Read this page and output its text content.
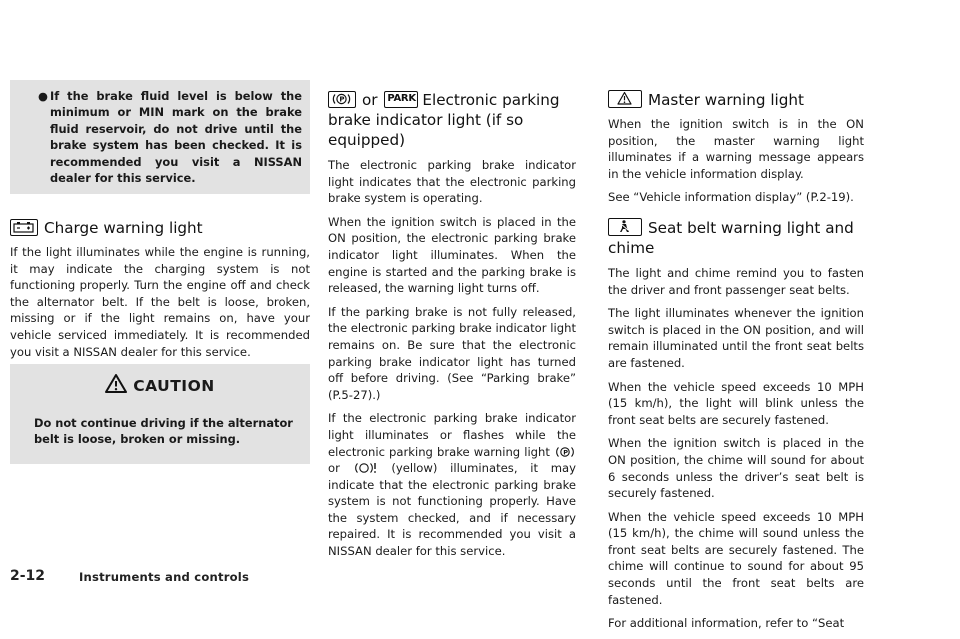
● If the brake fluid level is below the minimum or MIN mark on the brake fluid reservoir, do not drive until the brake system has been checked. It is recommended you visit a NISSAN dealer for this service.
Charge warning light
If the light illuminates while the engine is running, it may indicate the charging system is not functioning properly. Turn the engine off and check the alternator belt. If the belt is loose, broken, missing or if the light remains on, have your vehicle serviced immediately. It is recommended you visit a NISSAN dealer for this service.
CAUTION
Do not continue driving if the alternator belt is loose, broken or missing.
P or PARK Electronic parking brake indicator light (if so equipped)
The electronic parking brake indicator light indicates that the electronic parking brake system is operating.
When the ignition switch is placed in the ON position, the electronic parking brake indicator light illuminates. When the engine is started and the parking brake is released, the warning light turns off.
If the parking brake is not fully released, the electronic parking brake indicator light remains on. Be sure that the electronic parking brake indicator light has turned off before driving. (See “Parking brake” (P.5-27).)
If the electronic parking brake indicator light illuminates or flashes while the electronic parking brake warning light P
or	(yellow) illuminates, it may indicate that the electronic parking brake system is not functioning properly. Have the system checked, and if necessary repaired. It is recommended you visit a NISSAN dealer for this service.
Master warning light
When the ignition switch is in the ON position, the master warning light illuminates if a warning message appears in the vehicle information display.
See “Vehicle information display” (P.2-19).
Seat belt warning light and chime
The light and chime remind you to fasten the driver and front passenger seat belts.
The light illuminates whenever the ignition switch is placed in the ON position, and will remain illuminated until the front seat belts are fastened.
When the vehicle speed exceeds 10 MPH (15 km/h), the light will blink unless the front seat belts are securely fastened.
When the ignition switch is placed in the ON position, the chime will sound for about 6 seconds unless the driver’s seat belt is securely fastened.
When the vehicle speed exceeds 10 MPH (15 km/h), the chime will sound unless the front seat belts are securely fastened. The chime will continue to sound for about 95 seconds until the front seat belts are fastened.
For additional information, refer to “Seat
2-12	Instruments and controls
